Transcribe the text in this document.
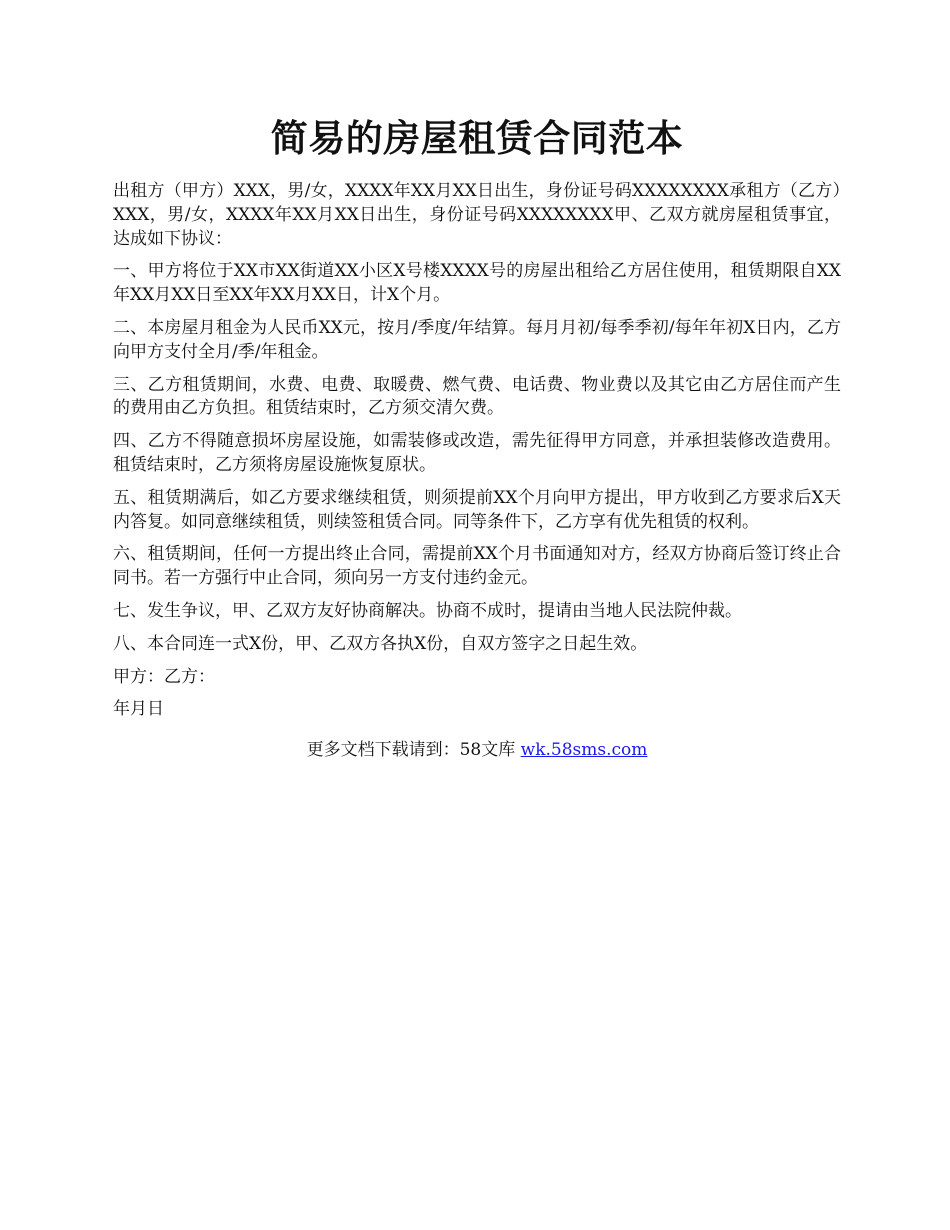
简易的房屋租赁合同范本

出租方（甲方）XXX，男/女，XXXX年XX月XX日出生，身份证号码XXXXXXXX承租方（乙方）XXX，男/女，XXXX年XX月XX日出生，身份证号码XXXXXXXX甲、乙双方就房屋租赁事宜，达成如下协议：

一、甲方将位于XX市XX街道XX小区X号楼XXXX号的房屋出租给乙方居住使用，租赁期限自XX年XX月XX日至XX年XX月XX日，计X个月。

二、本房屋月租金为人民币XX元，按月/季度/年结算。每月月初/每季季初/每年年初X日内，乙方向甲方支付全月/季/年租金。

三、乙方租赁期间，水费、电费、取暖费、燃气费、电话费、物业费以及其它由乙方居住而产生的费用由乙方负担。租赁结束时，乙方须交清欠费。

四、乙方不得随意损坏房屋设施，如需装修或改造，需先征得甲方同意，并承担装修改造费用。租赁结束时，乙方须将房屋设施恢复原状。

五、租赁期满后，如乙方要求继续租赁，则须提前XX个月向甲方提出，甲方收到乙方要求后X天内答复。如同意继续租赁，则续签租赁合同。同等条件下，乙方享有优先租赁的权利。

六、租赁期间，任何一方提出终止合同，需提前XX个月书面通知对方，经双方协商后签订终止合同书。若一方强行中止合同，须向另一方支付违约金元。

七、发生争议，甲、乙双方友好协商解决。协商不成时，提请由当地人民法院仲裁。

八、本合同连一式X份，甲、乙双方各执X份，自双方签字之日起生效。

甲方：乙方：

年月日

更多文档下载请到：58文库 wk.58sms.com
